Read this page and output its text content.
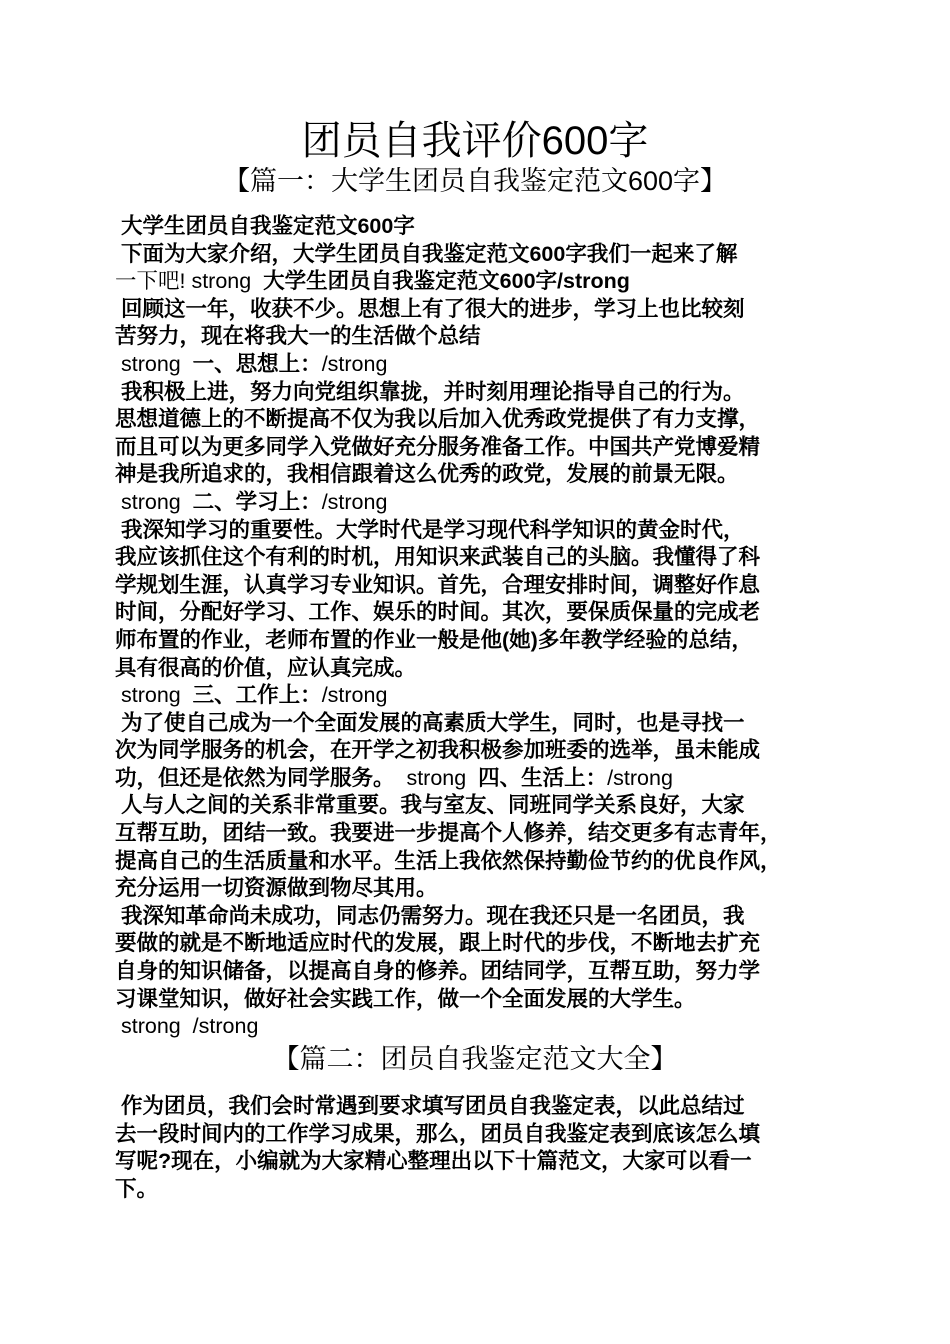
团员自我评价600字
【篇一：大学生团员自我鉴定范文600字】
大学生团员自我鉴定范文600字
下面为大家介绍，大学生团员自我鉴定范文600字我们一起来了解
一下吧! strong  大学生团员自我鉴定范文600字/strong
回顾这一年，收获不少。思想上有了很大的进步，学习上也比较刻
苦努力，现在将我大一的生活做个总结
strong  一、思想上：/strong
我积极上进，努力向党组织靠拢，并时刻用理论指导自己的行为。
思想道德上的不断提高不仅为我以后加入优秀政党提供了有力支撑，
而且可以为更多同学入党做好充分服务准备工作。中国共产党博爱精
神是我所追求的，我相信跟着这么优秀的政党，发展的前景无限。
strong  二、学习上：/strong
我深知学习的重要性。大学时代是学习现代科学知识的黄金时代，
我应该抓住这个有利的时机，用知识来武装自己的头脑。我懂得了科
学规划生涯，认真学习专业知识。首先，合理安排时间，调整好作息
时间，分配好学习、工作、娱乐的时间。其次，要保质保量的完成老
师布置的作业，老师布置的作业一般是他(她)多年教学经验的总结，
具有很高的价值，应认真完成。
strong  三、工作上：/strong
为了使自己成为一个全面发展的高素质大学生，同时，也是寻找一
次为同学服务的机会，在开学之初我积极参加班委的选举，虽未能成
功，但还是依然为同学服务。  strong  四、生活上：/strong
人与人之间的关系非常重要。我与室友、同班同学关系良好，大家
互帮互助，团结一致。我要进一步提高个人修养，结交更多有志青年，
提高自己的生活质量和水平。生活上我依然保持勤俭节约的优良作风，
充分运用一切资源做到物尽其用。
我深知革命尚未成功，同志仍需努力。现在我还只是一名团员，我
要做的就是不断地适应时代的发展，跟上时代的步伐，不断地去扩充
自身的知识储备，以提高自身的修养。团结同学，互帮互助，努力学
习课堂知识，做好社会实践工作，做一个全面发展的大学生。
strong  /strong
【篇二：团员自我鉴定范文大全】
作为团员，我们会时常遇到要求填写团员自我鉴定表，以此总结过
去一段时间内的工作学习成果，那么，团员自我鉴定表到底该怎么填
写呢?现在，小编就为大家精心整理出以下十篇范文，大家可以看一
下。
